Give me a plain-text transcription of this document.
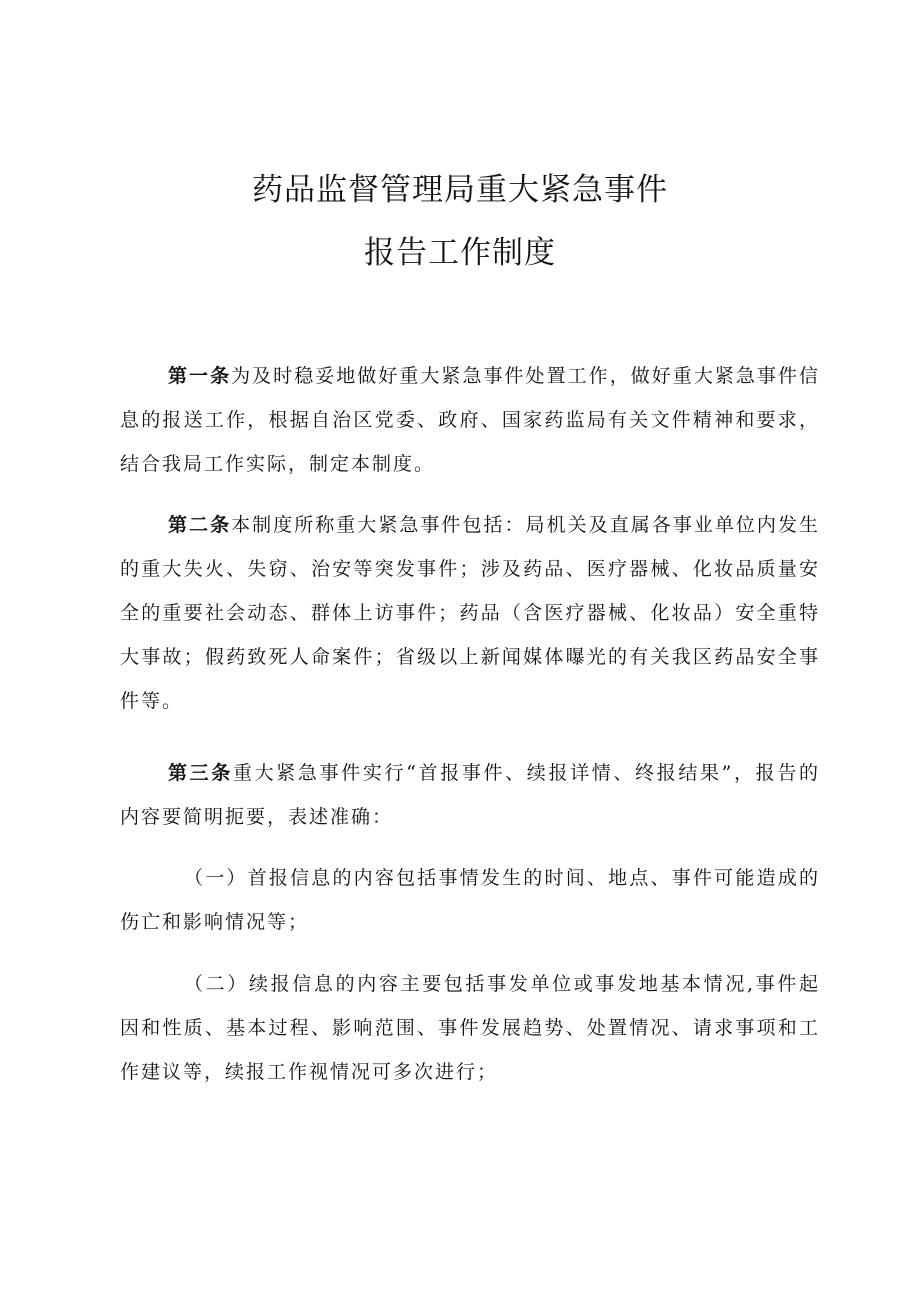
药品监督管理局重大紧急事件
报告工作制度

第一条为及时稳妥地做好重大紧急事件处置工作，做好重大紧急事件信息的报送工作，根据自治区党委、政府、国家药监局有关文件精神和要求，结合我局工作实际，制定本制度。

第二条本制度所称重大紧急事件包括：局机关及直属各事业单位内发生的重大失火、失窃、治安等突发事件；涉及药品、医疗器械、化妆品质量安全的重要社会动态、群体上访事件；药品（含医疗器械、化妆品）安全重特大事故；假药致死人命案件；省级以上新闻媒体曝光的有关我区药品安全事件等。

第三条重大紧急事件实行“首报事件、续报详情、终报结果”，报告的内容要简明扼要，表述准确：

（一）首报信息的内容包括事情发生的时间、地点、事件可能造成的伤亡和影响情况等；

（二）续报信息的内容主要包括事发单位或事发地基本情况,事件起因和性质、基本过程、影响范围、事件发展趋势、处置情况、请求事项和工作建议等，续报工作视情况可多次进行；
